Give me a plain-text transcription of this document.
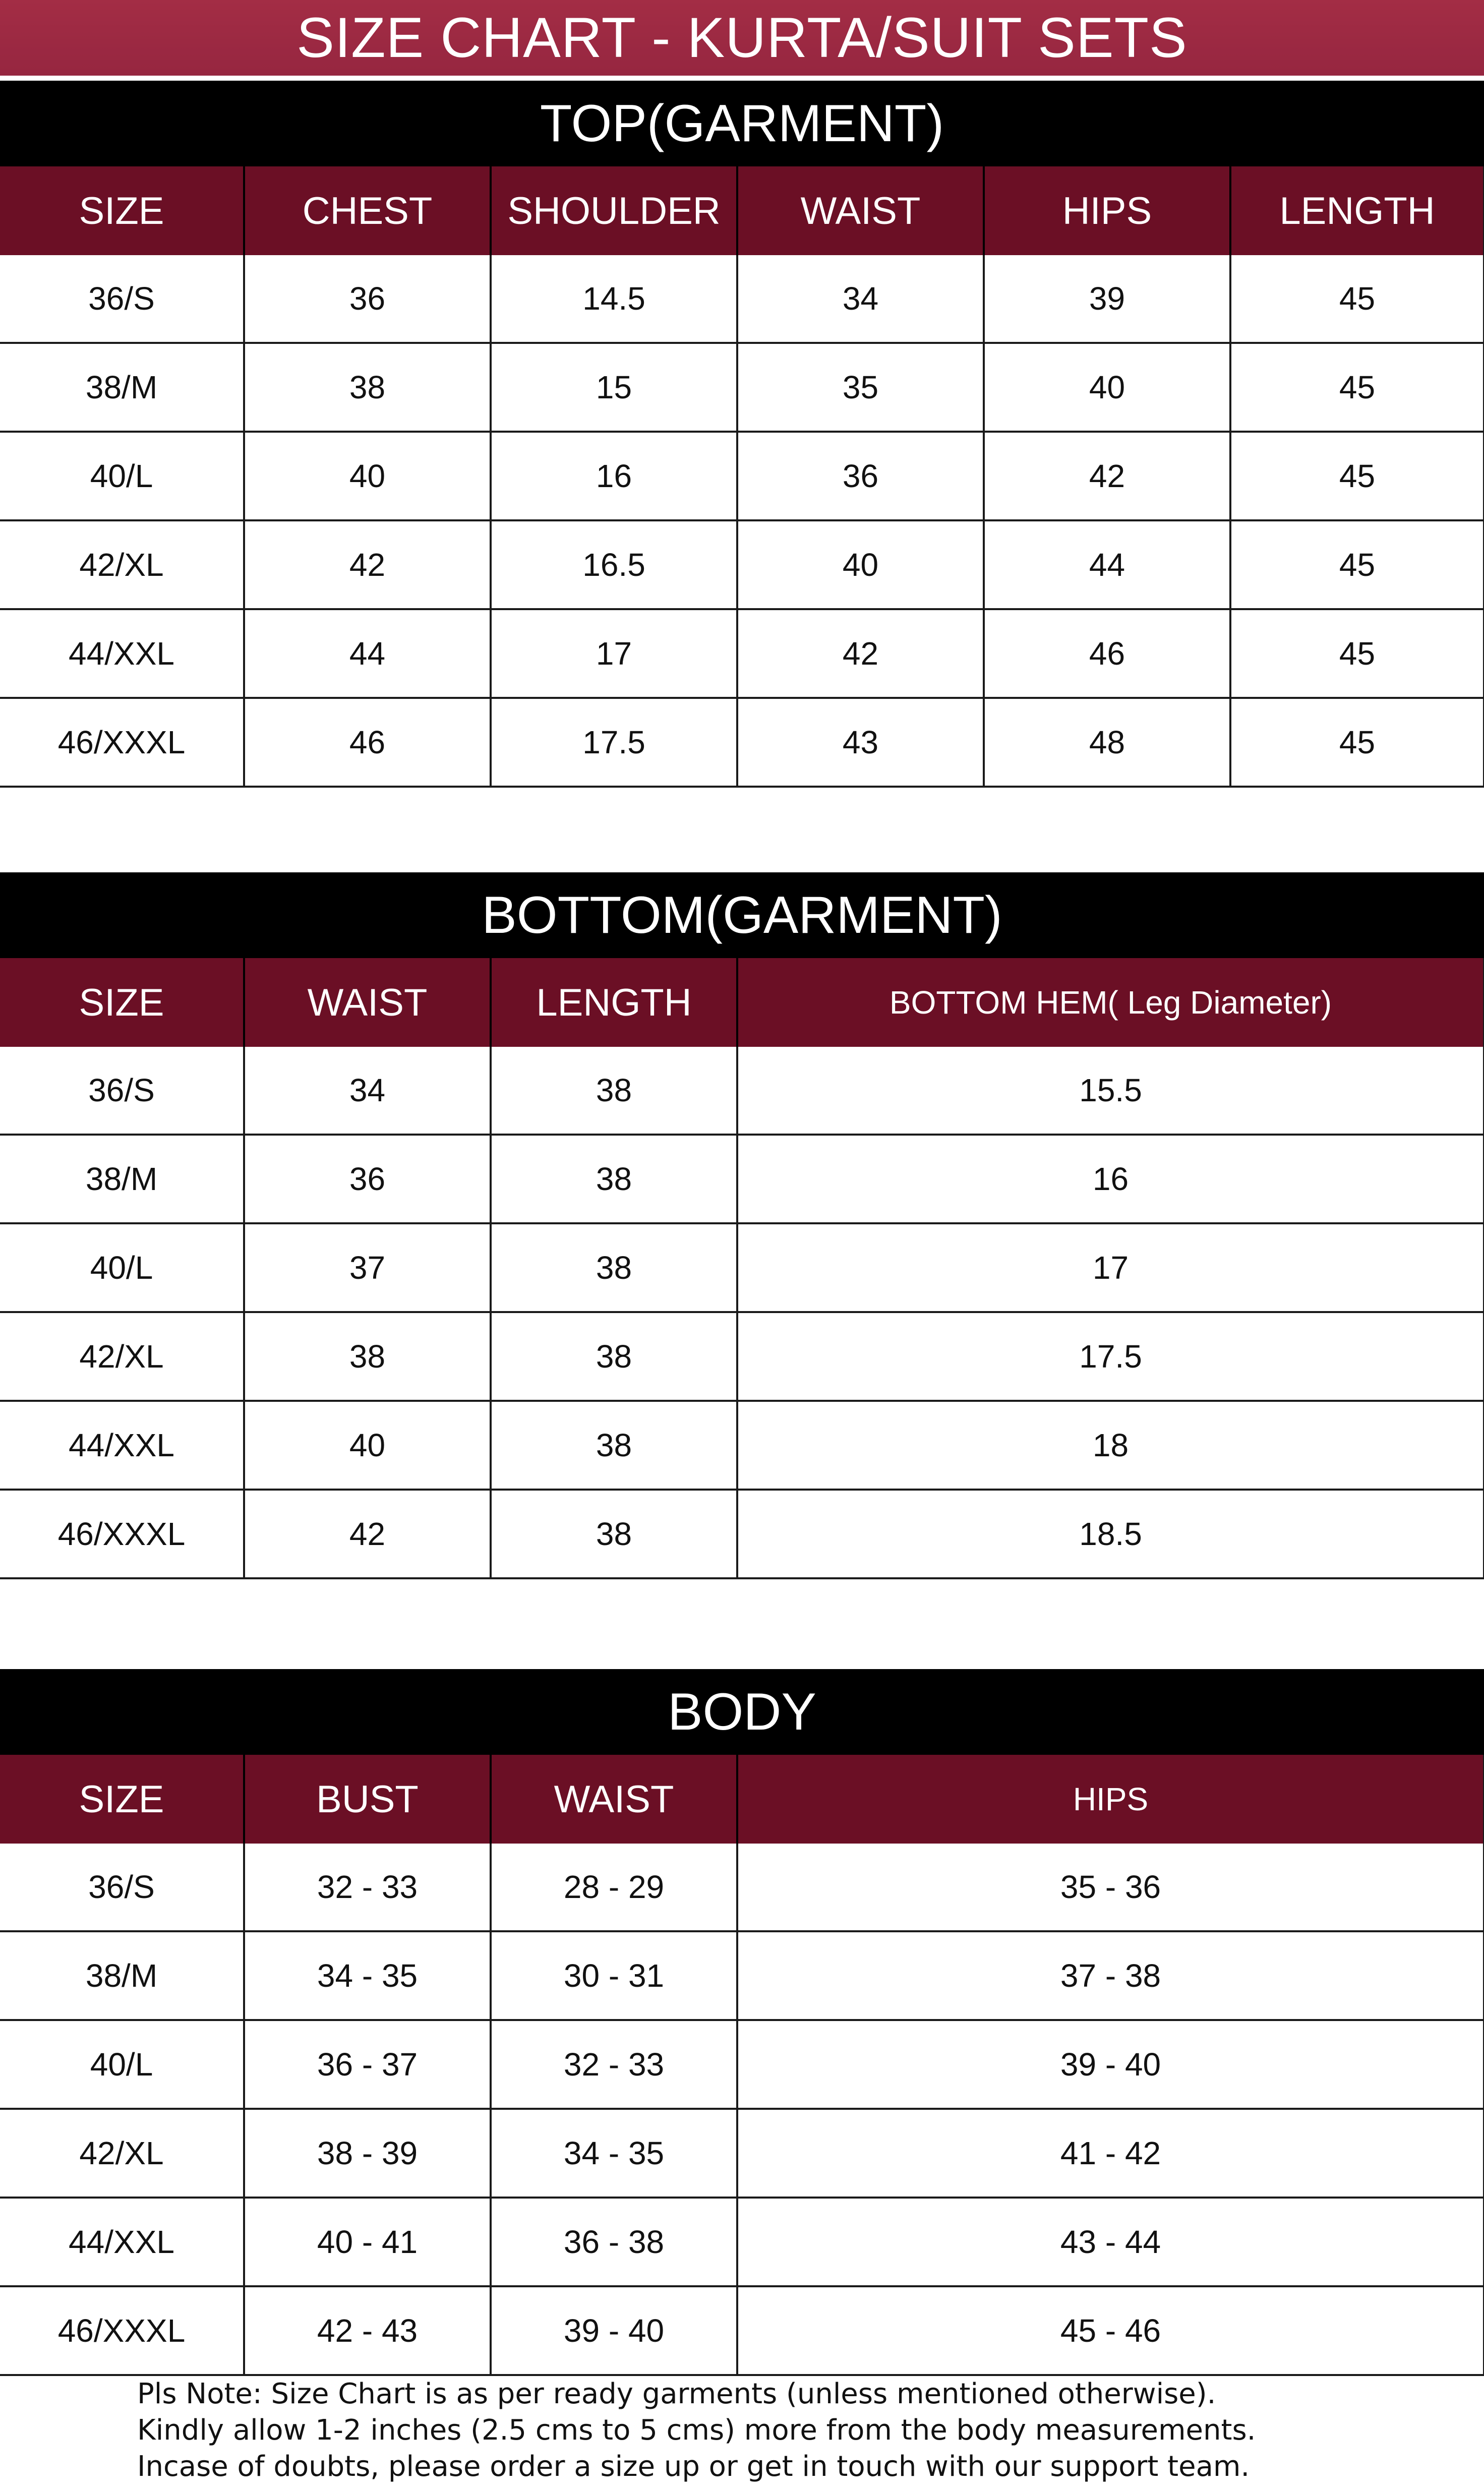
SIZE CHART - KURTA/SUIT SETS
TOP(GARMENT)
SIZE	CHEST	SHOULDER	WAIST	HIPS	LENGTH
36/S	36	14.5	34	39	45
38/M	38	15	35	40	45
40/L	40	16	36	42	45
42/XL	42	16.5	40	44	45
44/XXL	44	17	42	46	45
46/XXXL	46	17.5	43	48	45
BOTTOM(GARMENT)
SIZE	WAIST	LENGTH	BOTTOM HEM( Leg Diameter)
36/S	34	38	15.5
38/M	36	38	16
40/L	37	38	17
42/XL	38	38	17.5
44/XXL	40	38	18
46/XXXL	42	38	18.5
BODY
SIZE	BUST	WAIST	HIPS
36/S	32 - 33	28 - 29	35 - 36
38/M	34 - 35	30 - 31	37 - 38
40/L	36 - 37	32 - 33	39 - 40
42/XL	38 - 39	34 - 35	41 - 42
44/XXL	40 - 41	36 - 38	43 - 44
46/XXXL	42 - 43	39 - 40	45 - 46
Pls Note: Size Chart is as per ready garments (unless mentioned otherwise).
Kindly allow 1-2 inches (2.5 cms to 5 cms) more from the body measurements.
Incase of doubts, please order a size up or get in touch with our support team.
